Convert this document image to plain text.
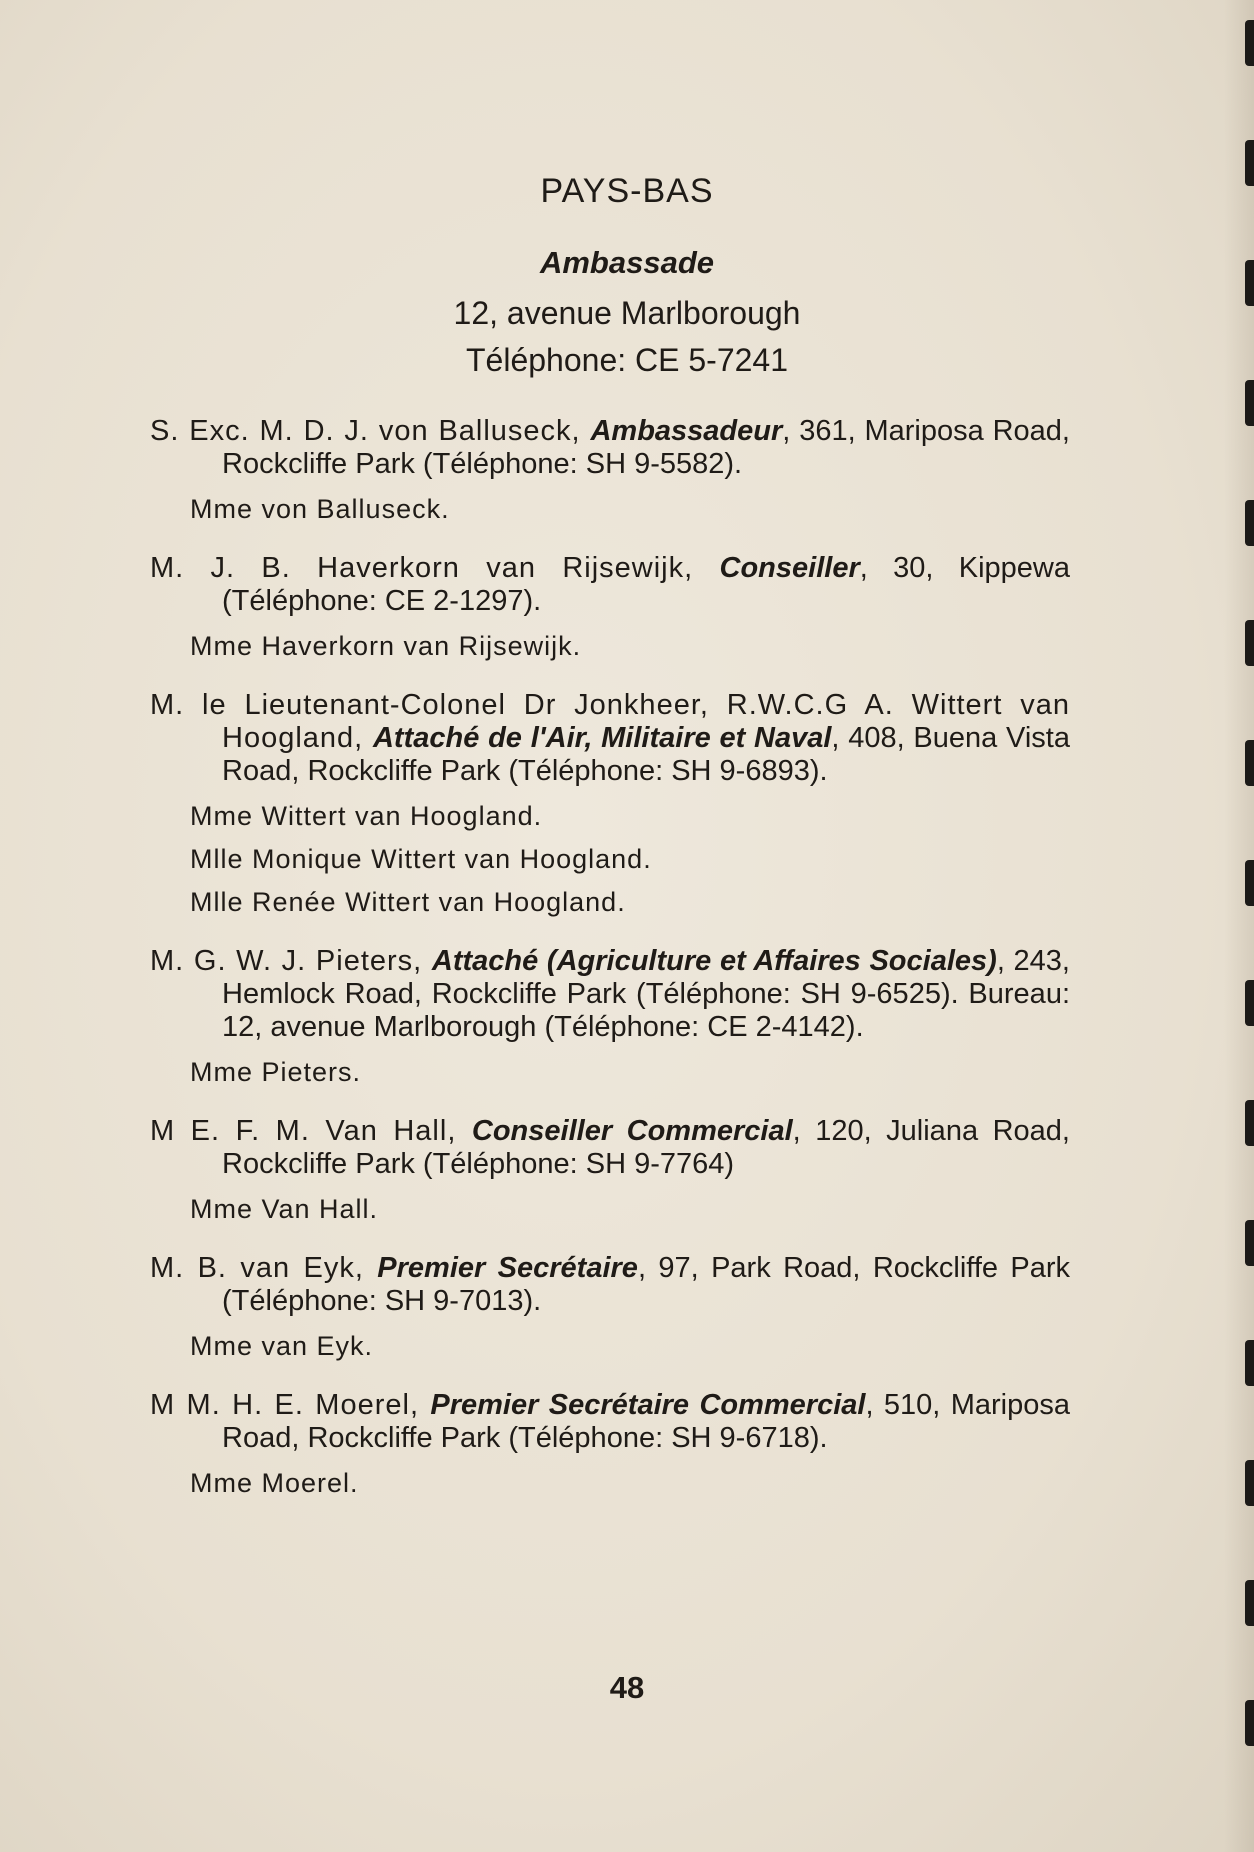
PAYS-BAS
Ambassade
12, avenue Marlborough
Téléphone: CE 5-7241
S. Exc. M. D. J. von Balluseck, Ambassadeur, 361, Mariposa Road, Rockcliffe Park (Téléphone: SH 9-5582).
Mme von Balluseck.
M. J. B. Haverkorn van Rijsewijk, Conseiller, 30, Kippewa (Téléphone: CE 2-1297).
Mme Haverkorn van Rijsewijk.
M. le Lieutenant-Colonel Dr Jonkheer, R.W.C.G A. Wittert van Hoogland, Attaché de l'Air, Militaire et Naval, 408, Buena Vista Road, Rockcliffe Park (Téléphone: SH 9-6893).
Mme Wittert van Hoogland.
Mlle Monique Wittert van Hoogland.
Mlle Renée Wittert van Hoogland.
M. G. W. J. Pieters, Attaché (Agriculture et Affaires Sociales), 243, Hemlock Road, Rockcliffe Park (Téléphone: SH 9-6525). Bureau: 12, avenue Marlborough (Téléphone: CE 2-4142).
Mme Pieters.
M E. F. M. Van Hall, Conseiller Commercial, 120, Juliana Road, Rockcliffe Park (Téléphone: SH 9-7764)
Mme Van Hall.
M. B. van Eyk, Premier Secrétaire, 97, Park Road, Rockcliffe Park (Téléphone: SH 9-7013).
Mme van Eyk.
M M. H. E. Moerel, Premier Secrétaire Commercial, 510, Mariposa Road, Rockcliffe Park (Téléphone: SH 9-6718).
Mme Moerel.
48
